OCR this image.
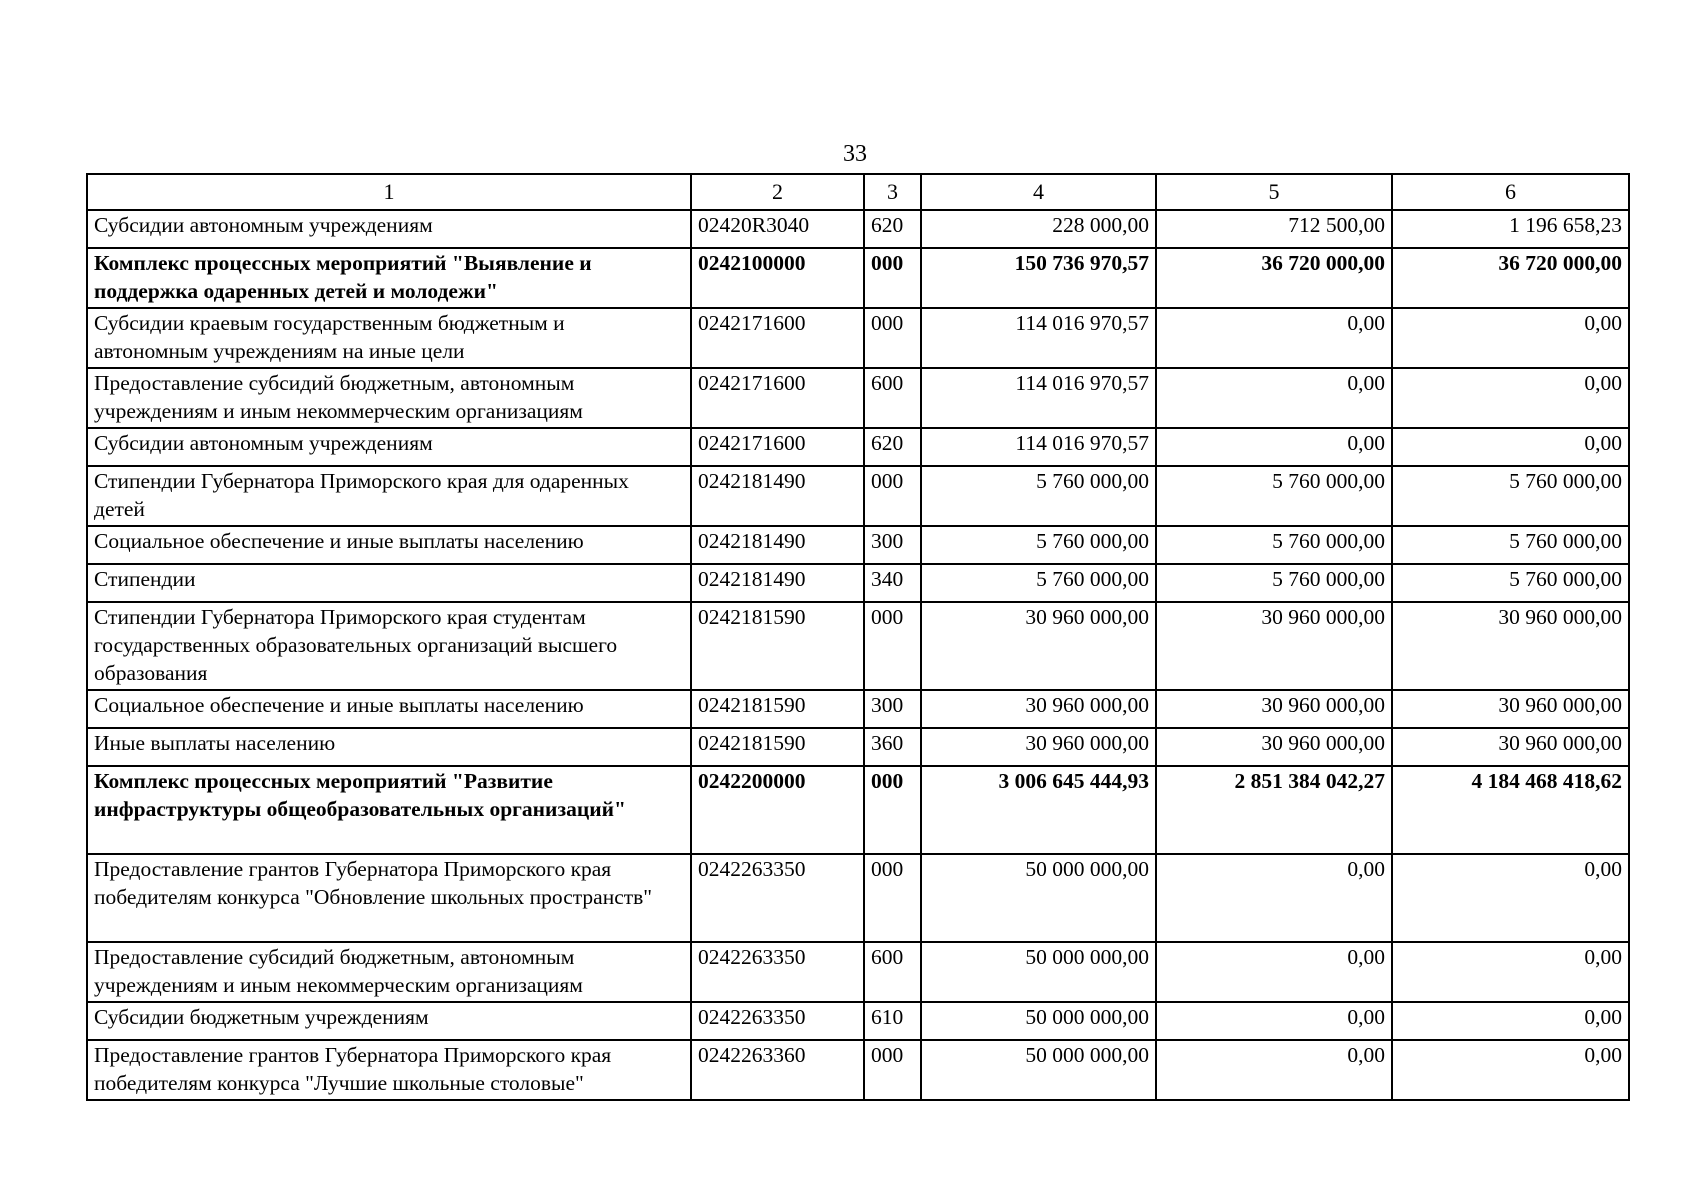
33
1	2	3	4	5	6
Субсидии автономным учреждениям	02420R3040	620	228 000,00	712 500,00	1 196 658,23
Комплекс процессных мероприятий "Выявление и поддержка одаренных детей и молодежи"	0242100000	000	150 736 970,57	36 720 000,00	36 720 000,00
Субсидии краевым государственным бюджетным и автономным учреждениям на иные цели	0242171600	000	114 016 970,57	0,00	0,00
Предоставление субсидий бюджетным, автономным учреждениям и иным некоммерческим организациям	0242171600	600	114 016 970,57	0,00	0,00
Субсидии автономным учреждениям	0242171600	620	114 016 970,57	0,00	0,00
Стипендии Губернатора Приморского края для одаренных детей	0242181490	000	5 760 000,00	5 760 000,00	5 760 000,00
Социальное обеспечение и иные выплаты населению	0242181490	300	5 760 000,00	5 760 000,00	5 760 000,00
Стипендии	0242181490	340	5 760 000,00	5 760 000,00	5 760 000,00
Стипендии Губернатора Приморского края студентам государственных образовательных организаций высшего образования	0242181590	000	30 960 000,00	30 960 000,00	30 960 000,00
Социальное обеспечение и иные выплаты населению	0242181590	300	30 960 000,00	30 960 000,00	30 960 000,00
Иные выплаты населению	0242181590	360	30 960 000,00	30 960 000,00	30 960 000,00
Комплекс процессных мероприятий "Развитие инфраструктуры общеобразовательных организаций"	0242200000	000	3 006 645 444,93	2 851 384 042,27	4 184 468 418,62
Предоставление грантов Губернатора Приморского края победителям конкурса "Обновление школьных пространств"	0242263350	000	50 000 000,00	0,00	0,00
Предоставление субсидий бюджетным, автономным учреждениям и иным некоммерческим организациям	0242263350	600	50 000 000,00	0,00	0,00
Субсидии бюджетным учреждениям	0242263350	610	50 000 000,00	0,00	0,00
Предоставление грантов Губернатора Приморского края победителям конкурса "Лучшие школьные столовые"	0242263360	000	50 000 000,00	0,00	0,00
